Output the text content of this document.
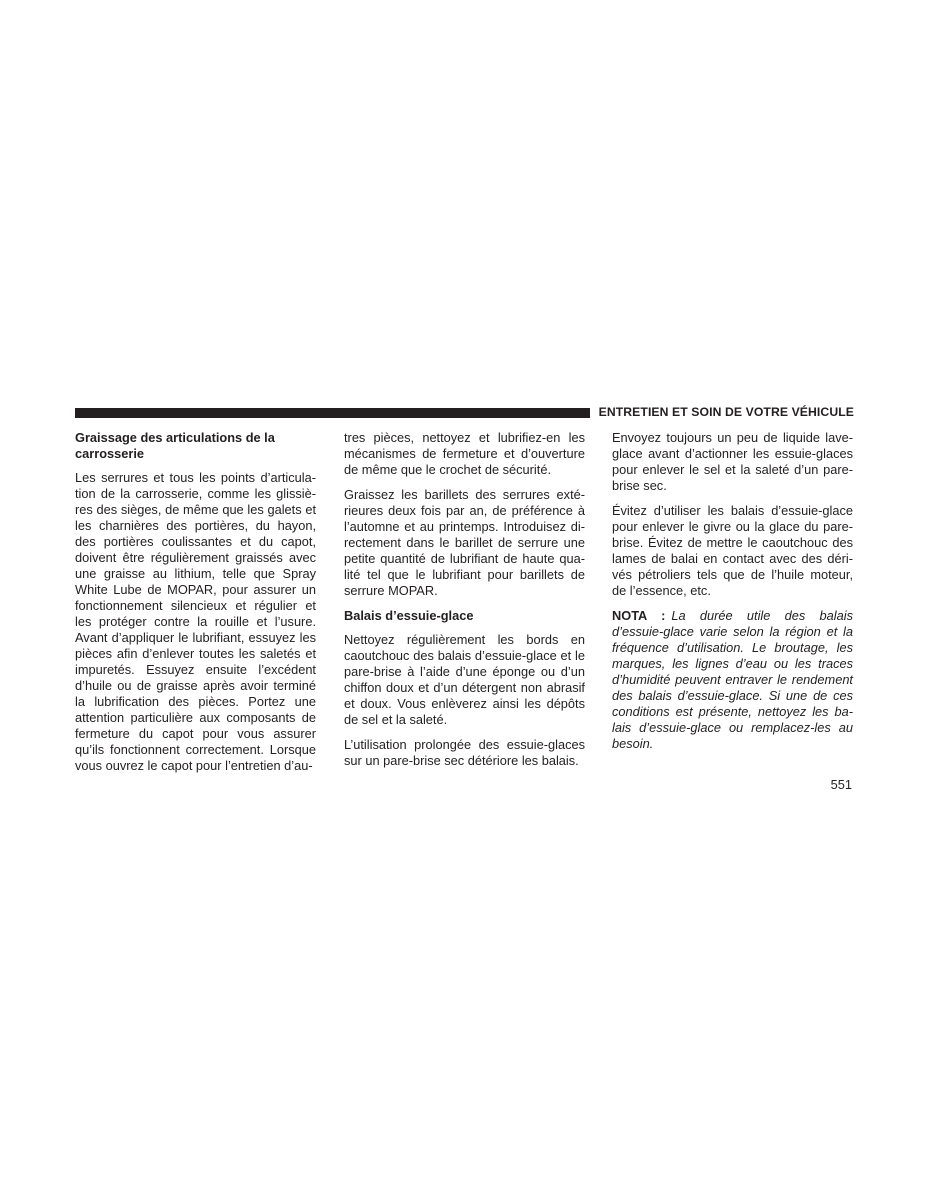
ENTRETIEN ET SOIN DE VOTRE VÉHICULE
Graissage des articulations de la carrosserie

Les serrures et tous les points d’articula-tion de la carrosserie, comme les glissiè-res des sièges, de même que les galets et les charnières des portières, du hayon, des portières coulissantes et du capot, doivent être régulièrement graissés avec une graisse au lithium, telle que Spray White Lube de MOPAR, pour assurer un fonctionnement silencieux et régulier et les protéger contre la rouille et l’usure. Avant d’appliquer le lubrifiant, essuyez les pièces afin d’enlever toutes les saletés et impuretés. Essuyez ensuite l’excédent d’huile ou de graisse après avoir terminé la lubrification des pièces. Portez une attention particulière aux composants de fermeture du capot pour vous assurer qu’ils fonctionnent correctement. Lorsque vous ouvrez le capot pour l’entretien d’au-

tres pièces, nettoyez et lubrifiez-en les mécanismes de fermeture et d’ouverture de même que le crochet de sécurité.

Graissez les barillets des serrures exté-rieures deux fois par an, de préférence à l’automne et au printemps. Introduisez di-rectement dans le barillet de serrure une petite quantité de lubrifiant de haute qua-lité tel que le lubrifiant pour barillets de serrure MOPAR.

Balais d’essuie-glace

Nettoyez régulièrement les bords en caoutchouc des balais d’essuie-glace et le pare-brise à l’aide d’une éponge ou d’un chiffon doux et d’un détergent non abrasif et doux. Vous enlèverez ainsi les dépôts de sel et la saleté.

L’utilisation prolongée des essuie-glaces sur un pare-brise sec détériore les balais.

Envoyez toujours un peu de liquide lave-glace avant d’actionner les essuie-glaces pour enlever le sel et la saleté d’un pare-brise sec.

Évitez d’utiliser les balais d’essuie-glace pour enlever le givre ou la glace du pare-brise. Évitez de mettre le caoutchouc des lames de balai en contact avec des déri-vés pétroliers tels que de l’huile moteur, de l’essence, etc.

NOTA : La durée utile des balais d’essuie-glace varie selon la région et la fréquence d’utilisation. Le broutage, les marques, les lignes d’eau ou les traces d’humidité peuvent entraver le rendement des balais d’essuie-glace. Si une de ces conditions est présente, nettoyez les ba-lais d’essuie-glace ou remplacez-les au besoin.

551
